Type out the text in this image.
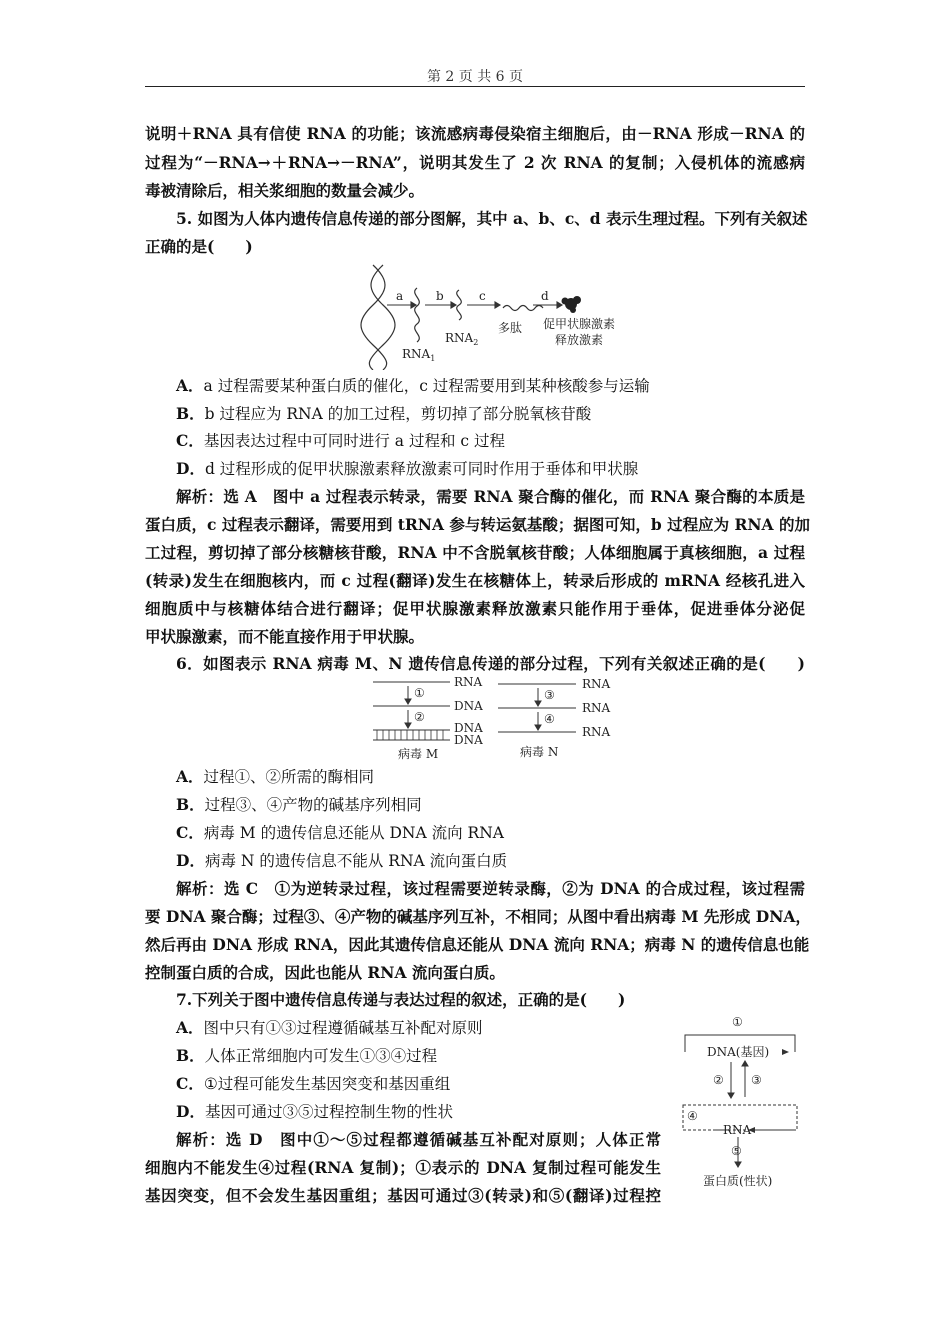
第 2 页 共 6 页
说明＋RNA 具有信使 RNA 的功能；该流感病毒侵染宿主细胞后，由－RNA 形成－RNA 的
过程为“－RNA→＋RNA→－RNA”，说明其发生了 2 次 RNA 的复制；入侵机体的流感病
毒被清除后，相关浆细胞的数量会减少。
5. 如图为人体内遗传信息传递的部分图解，其中 a、b、c、d 表示生理过程。下列有关叙述
正确的是(　　)
a	b	c	d
$RNA_1$
$RNA_2$
多肽 促甲状腺激素
释放激素
A．a 过程需要某种蛋白质的催化，c 过程需要用到某种核酸参与运输
B．b 过程应为 RNA 的加工过程，剪切掉了部分脱氧核苷酸
C．基因表达过程中可同时进行 a 过程和 c 过程
D．d 过程形成的促甲状腺激素释放激素可同时作用于垂体和甲状腺
解析：选 A　图中 a 过程表示转录，需要 RNA 聚合酶的催化，而 RNA 聚合酶的本质是
蛋白质，c 过程表示翻译，需要用到 tRNA 参与转运氨基酸；据图可知，b 过程应为 RNA 的加
工过程，剪切掉了部分核糖核苷酸，RNA 中不含脱氧核苷酸；人体细胞属于真核细胞，a 过程
(转录)发生在细胞核内，而 c 过程(翻译)发生在核糖体上，转录后形成的 mRNA 经核孔进入
细胞质中与核糖体结合进行翻译；促甲状腺激素释放激素只能作用于垂体，促进垂体分泌促
甲状腺激素，而不能直接作用于甲状腺。
6．如图表示 RNA 病毒 M、N 遗传信息传递的部分过程，下列有关叙述正确的是(　　)
RNA
①
DNA
②
DNA
DNA
病毒 M
RNA
③
RNA
④
RNA
病毒 N
A．过程①、②所需的酶相同
B．过程③、④产物的碱基序列相同
C．病毒 M 的遗传信息还能从 DNA 流向 RNA
D．病毒 N 的遗传信息不能从 RNA 流向蛋白质
解析：选 C　①为逆转录过程，该过程需要逆转录酶，②为 DNA 的合成过程，该过程需
要 DNA 聚合酶；过程③、④产物的碱基序列互补，不相同；从图中看出病毒 M 先形成 DNA，
然后再由 DNA 形成 RNA，因此其遗传信息还能从 DNA 流向 RNA；病毒 N 的遗传信息也能
控制蛋白质的合成，因此也能从 RNA 流向蛋白质。
7.下列关于图中遗传信息传递与表达过程的叙述，正确的是(　　)
A．图中只有①③过程遵循碱基互补配对原则
B．人体正常细胞内可发生①③④过程
C．①过程可能发生基因突变和基因重组
D．基因可通过③⑤过程控制生物的性状
①
DNA(基因)
② ③
④
RNA
⑤
蛋白质(性状)
解析：选 D　图中①～⑤过程都遵循碱基互补配对原则；人体正常
细胞内不能发生④过程(RNA 复制)；①表示的 DNA 复制过程可能发生
基因突变，但不会发生基因重组；基因可通过③(转录)和⑤(翻译)过程控
